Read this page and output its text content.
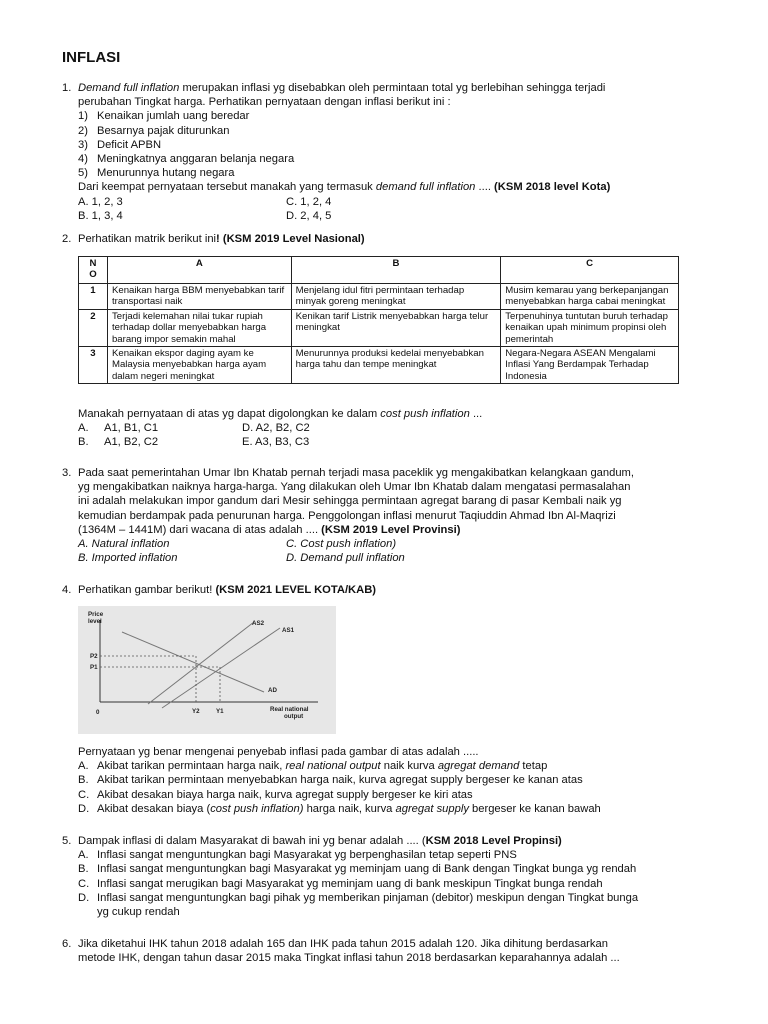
INFLASI
1. Demand full inflation merupakan inflasi yg disebabkan oleh permintaan total yg berlebihan sehingga terjadi
perubahan Tingkat harga. Perhatikan pernyataan dengan inflasi berikut ini :
1) Kenaikan jumlah uang beredar
2) Besarnya pajak diturunkan
3) Deficit APBN
4) Meningkatnya anggaran belanja negara
5) Menurunnya hutang negara
Dari keempat pernyataan tersebut manakah yang termasuk demand full inflation .... (KSM 2018 level Kota)
A. 1, 2, 3	C. 1, 2, 4
B. 1, 3, 4	D. 2, 4, 5
2. Perhatikan matrik berikut ini! (KSM 2019 Level Nasional)
N
O	A	B	C
1	Kenaikan harga BBM menyebabkan tarif transportasi naik	Menjelang idul fitri permintaan terhadap minyak goreng meningkat	Musim kemarau yang berkepanjangan menyebabkan harga cabai meningkat
2	Terjadi kelemahan nilai tukar rupiah terhadap dollar menyebabkan harga barang impor semakin mahal	Kenikan tarif Listrik menyebabkan harga telur meningkat	Terpenuhinya tuntutan buruh terhadap kenaikan upah minimum propinsi oleh pemerintah
3	Kenaikan ekspor daging ayam ke Malaysia menyebabkan harga ayam dalam negeri meningkat	Menurunnya produksi kedelai menyebabkan harga tahu dan tempe meningkat	Negara-Negara ASEAN Mengalami Inflasi Yang Berdampak Terhadap Indonesia
Manakah pernyataan di atas yg dapat digolongkan ke dalam cost push inflation ...
A. A1, B1, C1	D. A2, B2, C2
B. A1, B2, C2	E. A3, B3, C3
3. Pada saat pemerintahan Umar Ibn Khatab pernah terjadi masa paceklik yg mengakibatkan kelangkaan gandum,
yg mengakibatkan naiknya harga-harga. Yang dilakukan oleh Umar Ibn Khatab dalam mengatasi permasalahan
ini adalah melakukan impor gandum dari Mesir sehingga permintaan agregat barang di pasar Kembali naik yg
kemudian berdampak pada penurunan harga. Penggolongan inflasi menurut Taqiuddin Ahmad Ibn Al-Maqrizi
(1364M – 1441M) dari wacana di atas adalah .... (KSM 2019 Level Provinsi)
A. Natural inflation	C. Cost push inflation)
B. Imported inflation	D. Demand pull inflation
4. Perhatikan gambar berikut! (KSM 2021 LEVEL KOTA/KAB)
Price
level	AS2
AS1
AD
P2
P1
0	Y2	Y1	Real national
output
Pernyataan yg benar mengenai penyebab inflasi pada gambar di atas adalah .....
A. Akibat tarikan permintaan harga naik, real national output naik kurva agregat demand tetap
B. Akibat tarikan permintaan menyebabkan harga naik, kurva agregat supply bergeser ke kanan atas
C. Akibat desakan biaya harga naik, kurva agregat supply bergeser ke kiri atas
D. Akibat desakan biaya (cost push inflation) harga naik, kurva agregat supply bergeser ke kanan bawah
5. Dampak inflasi di dalam Masyarakat di bawah ini yg benar adalah .... (KSM 2018 Level Propinsi)
A. Inflasi sangat menguntungkan bagi Masyarakat yg berpenghasilan tetap seperti PNS
B. Inflasi sangat menguntungkan bagi Masyarakat yg meminjam uang di Bank dengan Tingkat bunga yg rendah
C. Inflasi sangat merugikan bagi Masyarakat yg meminjam uang di bank meskipun Tingkat bunga rendah
D. Inflasi sangat menguntungkan bagi pihak yg memberikan pinjaman (debitor) meskipun dengan Tingkat bunga
yg cukup rendah
6. Jika diketahui IHK tahun 2018 adalah 165 dan IHK pada tahun 2015 adalah 120. Jika dihitung berdasarkan
metode IHK, dengan tahun dasar 2015 maka Tingkat inflasi tahun 2018 berdasarkan keparahannya adalah ...
